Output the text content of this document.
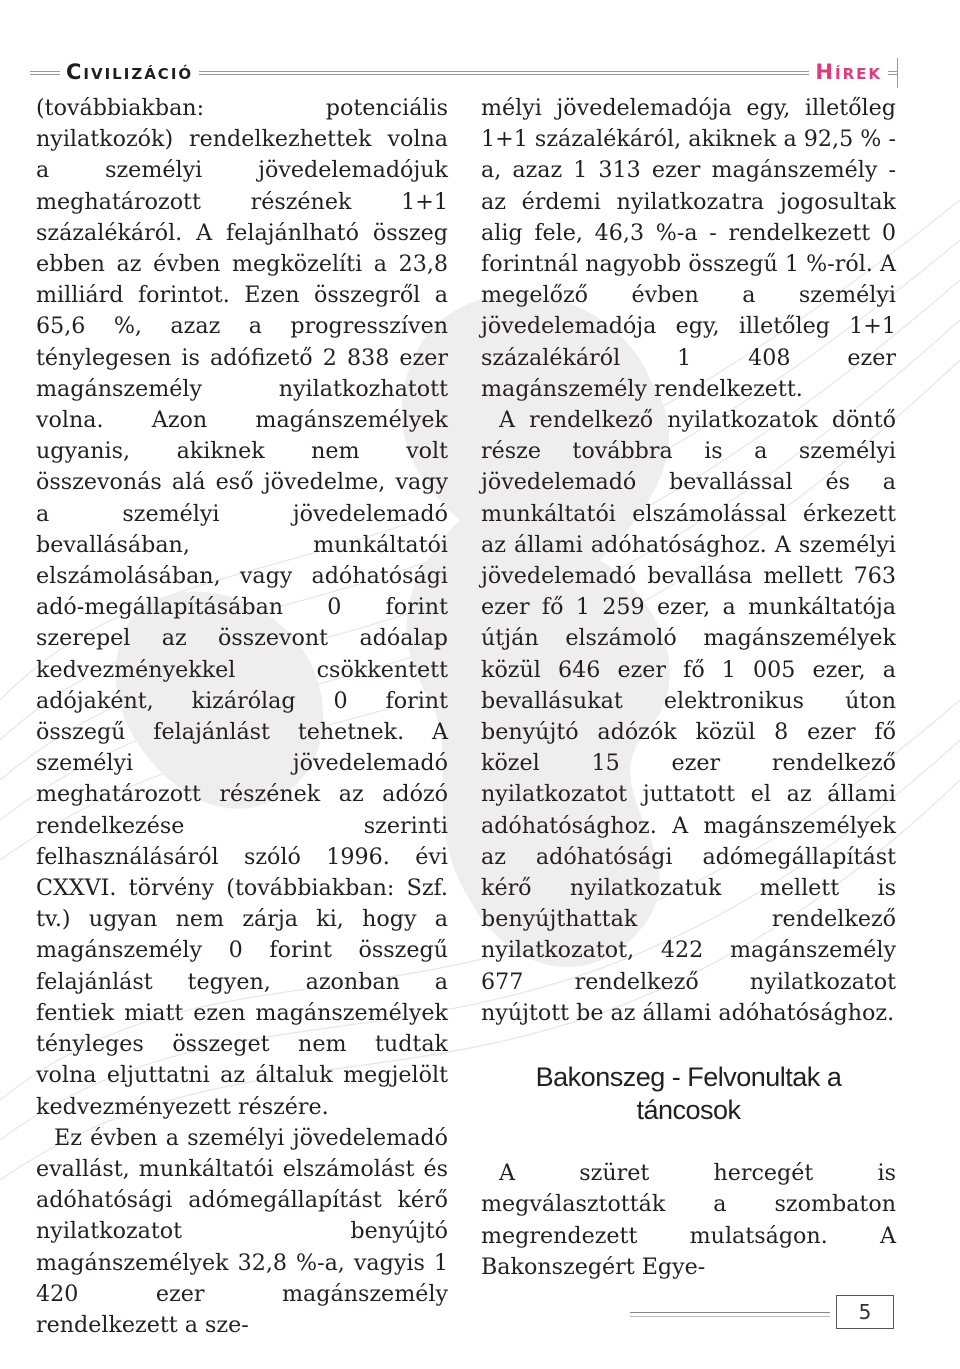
Civilizáció	Hírek

(továbbiakban: potenciális nyilatkozók) rendelkezhettek volna a személyi jövedelemadójuk meghatározott részének 1+1 százalékáról. A felajánlható összeg ebben az évben megközelíti a 23,8 milliárd forintot. Ezen összegről a 65,6 %, azaz a progresszíven ténylegesen is adófizető 2 838 ezer magánszemély nyilatkozhatott volna. Azon magánszemélyek ugyanis, akiknek nem volt összevonás alá eső jövedelme, vagy a személyi jövedelemadó bevallásában, munkáltatói elszámolásában, vagy adóhatósági adó-megállapításában 0 forint szerepel az összevont adóalap kedvezményekkel csökkentett adójaként, kizárólag 0 forint összegű felajánlást tehetnek. A személyi jövedelemadó meghatározott részének az adózó rendelkezése szerinti felhasználásáról szóló 1996. évi CXXVI. törvény (továbbiakban: Szf. tv.) ugyan nem zárja ki, hogy a magánszemély 0 forint összegű felajánlást tegyen, azonban a fentiek miatt ezen magánszemélyek tényleges összeget nem tudtak volna eljuttatni az általuk megjelölt kedvezményezett részére.

Ez évben a személyi jövedelemadó evallást, munkáltatói elszámolást és adóhatósági adómegállapítást kérő nyilatkozatot benyújtó magánszemélyek 32,8 %-a, vagyis 1 420 ezer magánszemély rendelkezett a sze-

mélyi jövedelemadója egy, illetőleg 1+1 százalékáról, akiknek a 92,5 % -a, azaz 1 313 ezer magánszemély - az érdemi nyilatkozatra jogosultak alig fele, 46,3 %-a - rendelkezett 0 forintnál nagyobb összegű 1 %-ról. A megelőző évben a személyi jövedelemadója egy, illetőleg 1+1 százalékáról 1 408 ezer magánszemély rendelkezett.

A rendelkező nyilatkozatok döntő része továbbra is a személyi jövedelemadó bevallással és a munkáltatói elszámolással érkezett az állami adóhatósághoz. A személyi jövedelemadó bevallása mellett 763 ezer fő 1 259 ezer, a munkáltatója útján elszámoló magánszemélyek közül 646 ezer fő 1 005 ezer, a bevallásukat elektronikus úton benyújtó adózók közül 8 ezer fő közel 15 ezer rendelkező nyilatkozatot juttatott el az állami adóhatósághoz. A magánszemélyek az adóhatósági adómegállapítást kérő nyilatkozatuk mellett is benyújthattak rendelkező nyilatkozatot, 422 magánszemély 677 rendelkező nyilatkozatot nyújtott be az állami adóhatósághoz.

Bakonszeg - Felvonultak a táncosok

A szüret hercegét is megválasztották a szombaton megrendezett mulatságon. A Bakonszegért Egye-

5
